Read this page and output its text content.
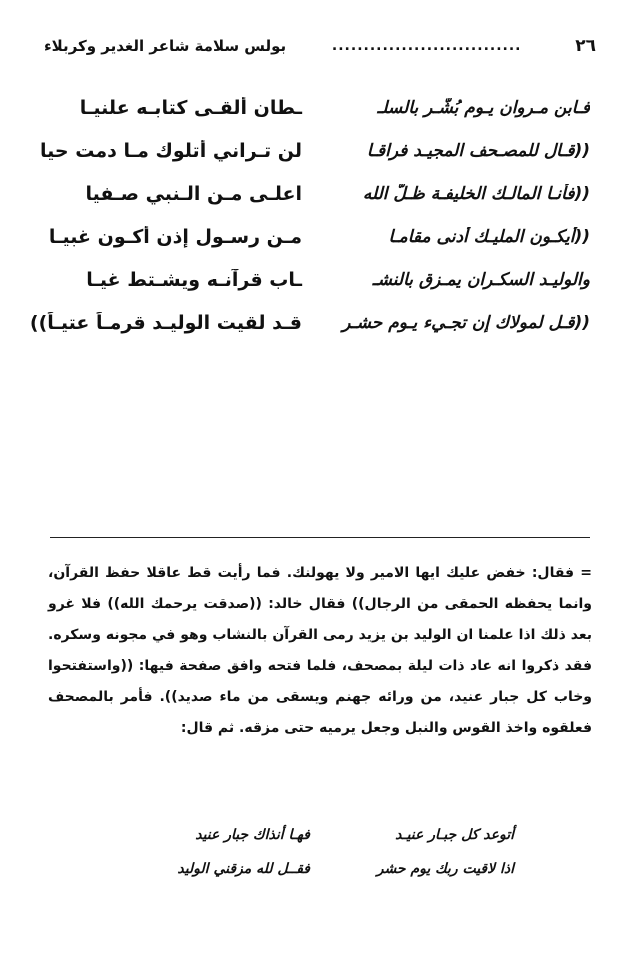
٢٦
..............................
بولس سلامة شاعر الغدير وكربلاء
فـابن مـروان يـوم بُشّـر بالسلـ
ـطان ألقـى كتابـه علنيـا
((قـال للمصـحف المجيـد فراقـا
لن تـراني أتلوك مـا دمت حيا
((فأنـا المالـك الخليفـة ظـلّ الله
اعلـى مـن الـنبي صـفيا
((أيكـون المليـك أدنى مقامـا
مـن رسـول إذن أكـون غبيـا
والوليـد السكـران يمـزق بالنشـ
ـاب قرآنـه ويشـتط غيـا
((قـل لمولاك إن تجـيء يـوم حشـر
قـد لقيت الوليـد قرمـاً عتيـاً))

= فقال: خفض عليك ايها الامير ولا يهولنك. فما رأيت قط عاقلا حفظ القرآن، وانما يحفظه الحمقى من الرجال)) فقال خالد: ((صدقت يرحمك الله)) فلا غرو بعد ذلك اذا علمنا ان الوليد بن يزيد رمى القرآن بالنشاب وهو في مجونه وسكره. فقد ذكروا انه عاد ذات ليلة بمصحف، فلما فتحه وافق صفحة فيها: ((واستفتحوا وخاب كل جبار عنيد، من ورائه جهنم ويسقى من ماء صديد)). فأمر بالمصحف فعلقوه واخذ القوس والنبل وجعل يرميه حتى مزقه. ثم قال:

أتوعد كل جبـار عنيـد
فهـا أنذاك جبار عنيد
اذا لاقيت ربك يوم حشر
فقــل لله مزقني الوليد
